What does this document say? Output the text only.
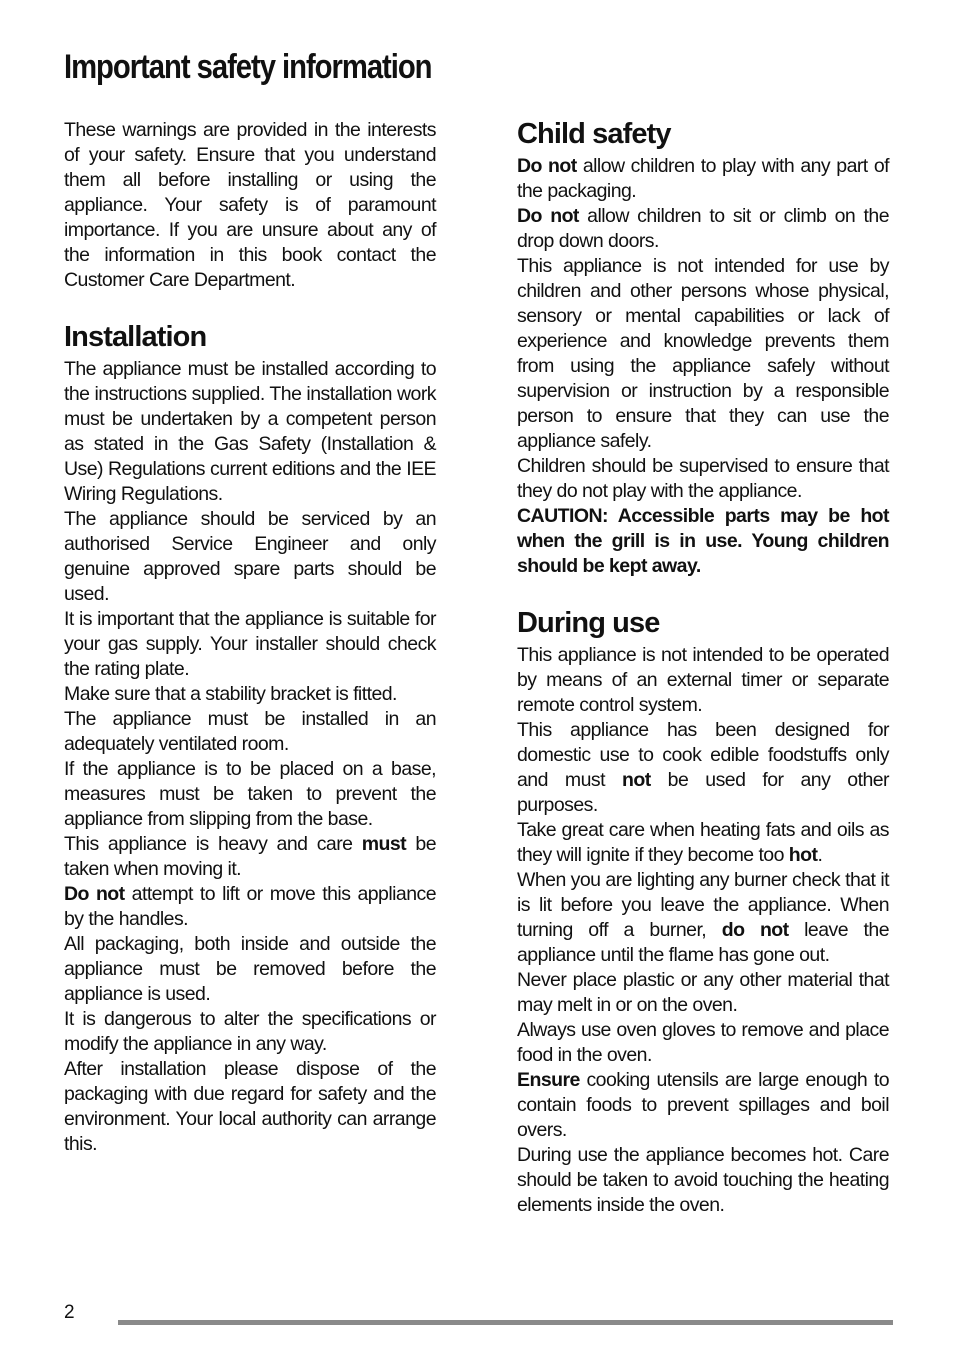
Important safety information

These warnings are provided in the interests of your safety. Ensure that you understand them all before installing or using the appliance. Your safety is of paramount importance. If you are unsure about any of the information in this book contact the Customer Care Department.

Installation

The appliance must be installed according to the instructions supplied. The installation work must be undertaken by a competent person as stated in the Gas Safety (Installation & Use) Regulations current editions and the IEE Wiring Regulations.

The appliance should be serviced by an authorised Service Engineer and only genuine approved spare parts should be used.

It is important that the appliance is suitable for your gas supply. Your installer should check the rating plate.

Make sure that a stability bracket is fitted.

The appliance must be installed in an adequately ventilated room.

If the appliance is to be placed on a base, measures must be taken to prevent the appliance from slipping from the base.

This appliance is heavy and care must be taken when moving it.

Do not attempt to lift or move this appliance by the handles.

All packaging, both inside and outside the appliance must be removed before the appliance is used.

It is dangerous to alter the specifications or modify the appliance in any way.

After installation please dispose of the packaging with due regard for safety and the environment. Your local authority can arrange this.

Child safety

Do not allow children to play with any part of the packaging.

Do not allow children to sit or climb on the drop down doors.

This appliance is not intended for use by children and other persons whose physical, sensory or mental capabilities or lack of experience and knowledge prevents them from using the appliance safely without supervision or instruction by a responsible person to ensure that they can use the appliance safely.

Children should be supervised to ensure that they do not play with the appliance.

CAUTION: Accessible parts may be hot when the grill is in use. Young children should be kept away.

During use

This appliance is not intended to be operated by means of an external timer or separate remote control system.

This appliance has been designed for domestic use to cook edible foodstuffs only and must not be used for any other purposes.

Take great care when heating fats and oils as they will ignite if they become too hot.

When you are lighting any burner check that it is lit before you leave the appliance. When turning off a burner, do not leave the appliance until the flame has gone out.

Never place plastic or any other material that may melt in or on the oven.

Always use oven gloves to remove and place food in the oven.

Ensure cooking utensils are large enough to contain foods to prevent spillages and boil overs.

During use the appliance becomes hot. Care should be taken to avoid touching the heating elements inside the oven.

2
